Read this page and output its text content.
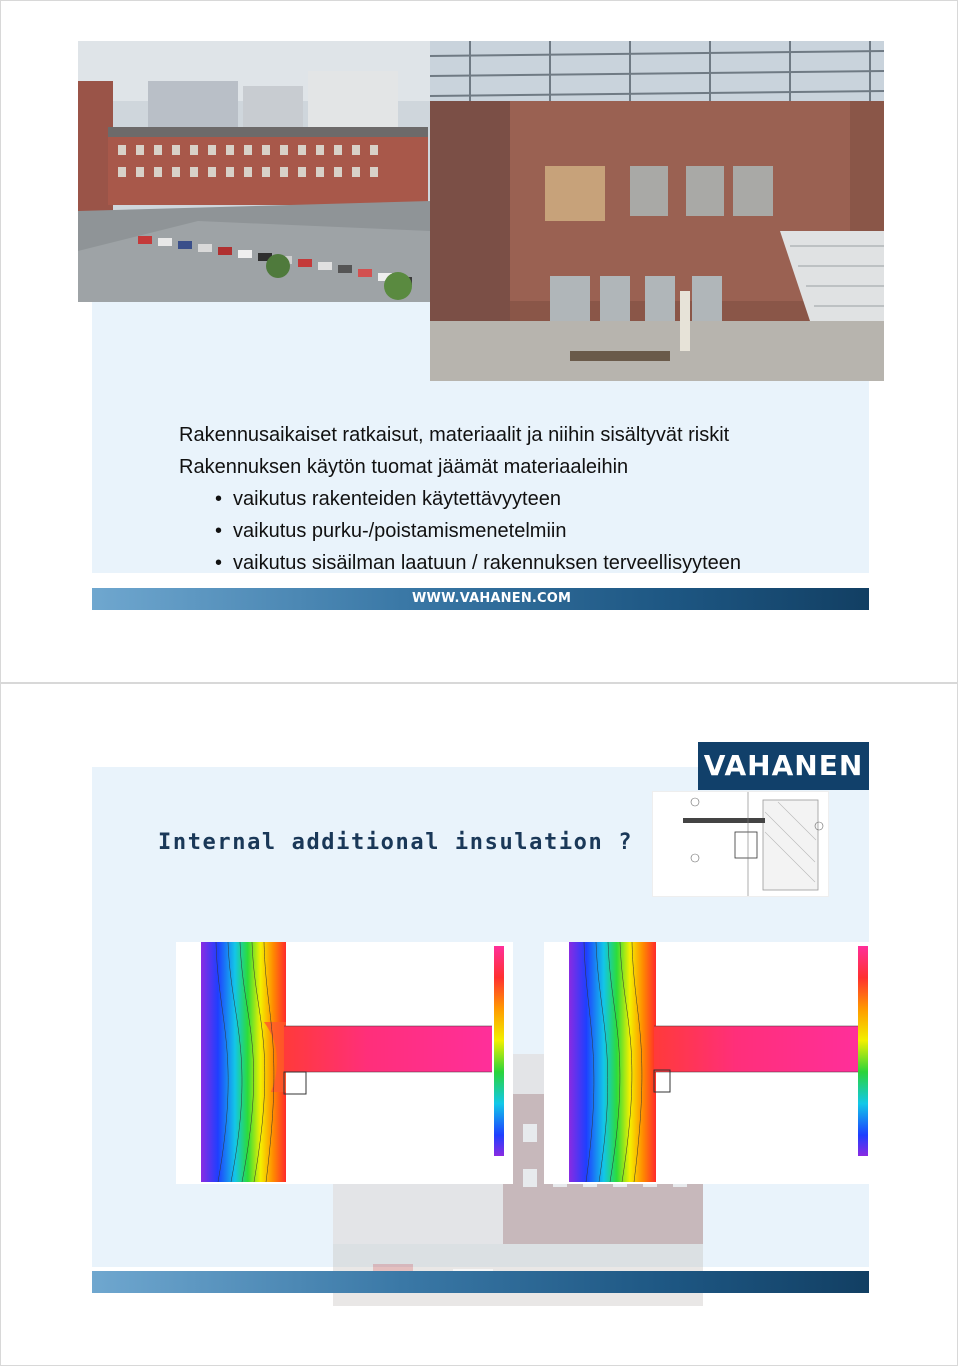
Rakennusaikaiset ratkaisut, materiaalit ja niihin sisältyvät riskit
Rakennuksen käytön tuomat jäämät materiaaleihin
• vaikutus rakenteiden käytettävyyteen
• vaikutus purku-/poistamismenetelmiin
• vaikutus sisäilman laatuun / rakennuksen terveellisyyteen
WWW.VAHANEN.COM
VAHANEN
Internal additional insulation ?
